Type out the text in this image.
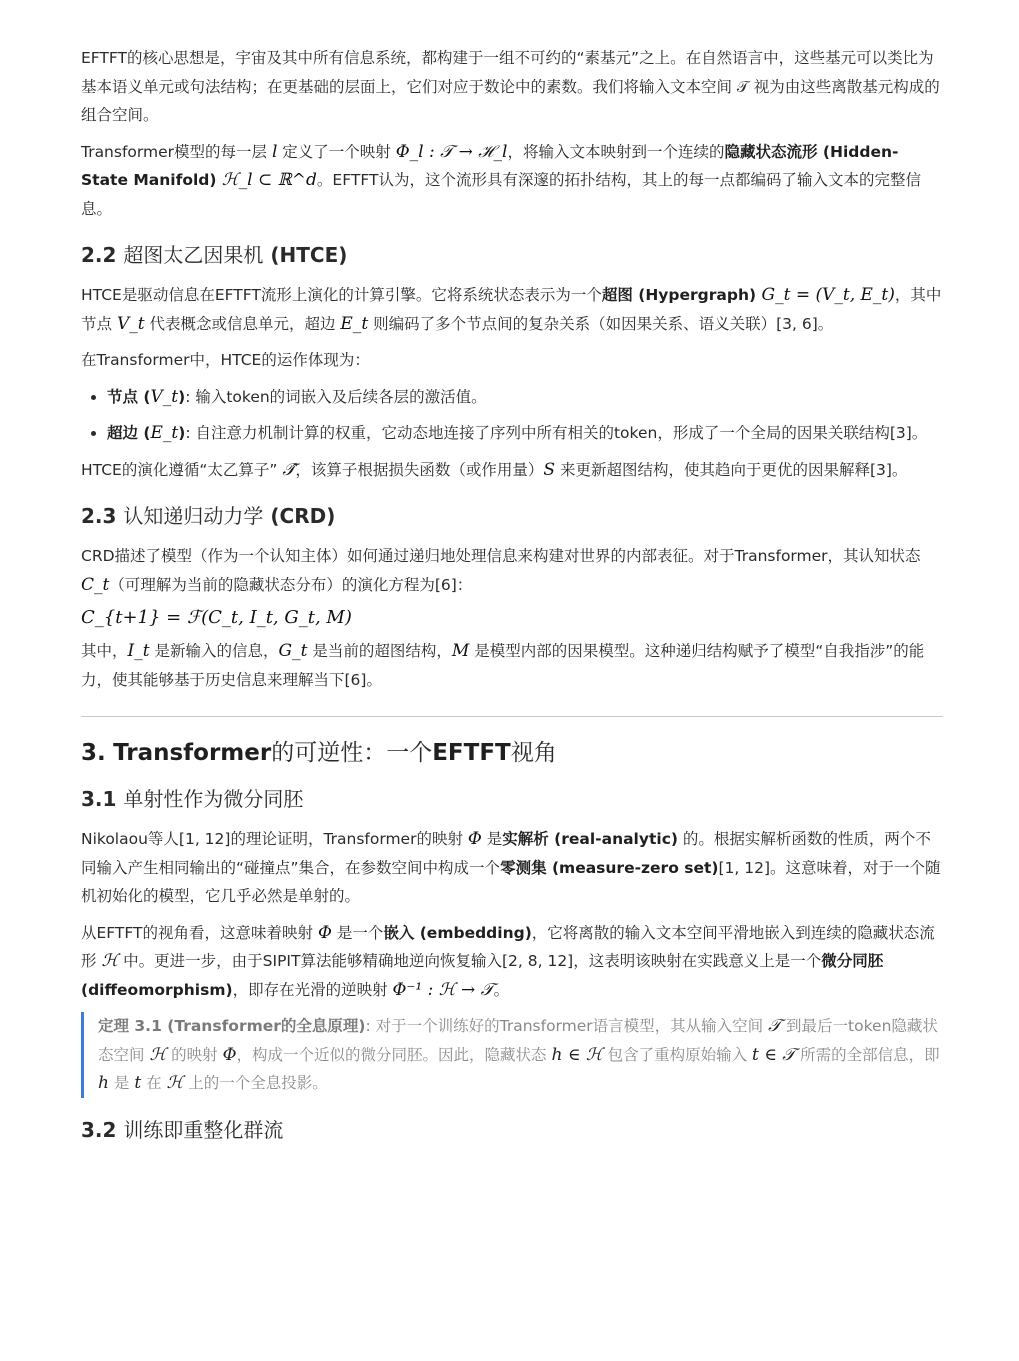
EFTFT的核心思想是，宇宙及其中所有信息系统，都构建于一组不可约的“素基元”之上。在自然语言中，这些基元可以类比为基本语义单元或句法结构；在更基础的层面上，它们对应于数论中的素数。我们将输入文本空间 𝒯 视为由这些离散基元构成的组合空间。

Transformer模型的每一层 l 定义了一个映射 Φ_l : 𝒯 → ℋ_l，将输入文本映射到一个连续的隐藏状态流形 (Hidden-State Manifold) ℋ_l ⊂ ℝ^d。EFTFT认为，这个流形具有深邃的拓扑结构，其上的每一点都编码了输入文本的完整信息。

2.2 超图太乙因果机 (HTCE)

HTCE是驱动信息在EFTFT流形上演化的计算引擎。它将系统状态表示为一个超图 (Hypergraph) G_t = (V_t, E_t)，其中节点 V_t 代表概念或信息单元，超边 E_t 则编码了多个节点间的复杂关系（如因果关系、语义关联）[3, 6]。

在Transformer中，HTCE的运作体现为：

• 节点 (V_t): 输入token的词嵌入及后续各层的激活值。
• 超边 (E_t): 自注意力机制计算的权重，它动态地连接了序列中所有相关的token，形成了一个全局的因果关联结构[3]。

HTCE的演化遵循“太乙算子” 𝒯̂，该算子根据损失函数（或作用量）S 来更新超图结构，使其趋向于更优的因果解释[3]。

2.3 认知递归动力学 (CRD)

CRD描述了模型（作为一个认知主体）如何通过递归地处理信息来构建对世界的内部表征。对于Transformer，其认知状态 C_t（可理解为当前的隐藏状态分布）的演化方程为[6]：

C_{t+1} = ℱ(C_t, I_t, G_t, M)

其中，I_t 是新输入的信息，G_t 是当前的超图结构，M 是模型内部的因果模型。这种递归结构赋予了模型“自我指涉”的能力，使其能够基于历史信息来理解当下[6]。

3. Transformer的可逆性：一个EFTFT视角
3.1 单射性作为微分同胚

Nikolaou等人[1, 12]的理论证明，Transformer的映射 Φ 是实解析 (real-analytic) 的。根据实解析函数的性质，两个不同输入产生相同输出的“碰撞点”集合，在参数空间中构成一个零测集 (measure-zero set)[1, 12]。这意味着，对于一个随机初始化的模型，它几乎必然是单射的。

从EFTFT的视角看，这意味着映射 Φ 是一个嵌入 (embedding)，它将离散的输入文本空间平滑地嵌入到连续的隐藏状态流形 ℋ 中。更进一步，由于SIPIT算法能够精确地逆向恢复输入[2, 8, 12]，这表明该映射在实践意义上是一个微分同胚 (diffeomorphism)，即存在光滑的逆映射 Φ⁻¹ : ℋ → 𝒯。

定理 3.1 (Transformer的全息原理): 对于一个训练好的Transformer语言模型，其从输入空间 𝒯 到最后一token隐藏状态空间 ℋ 的映射 Φ，构成一个近似的微分同胚。因此，隐藏状态 h ∈ ℋ 包含了重构原始输入 t ∈ 𝒯 所需的全部信息，即 h 是 t 在 ℋ 上的一个全息投影。

3.2 训练即重整化群流
